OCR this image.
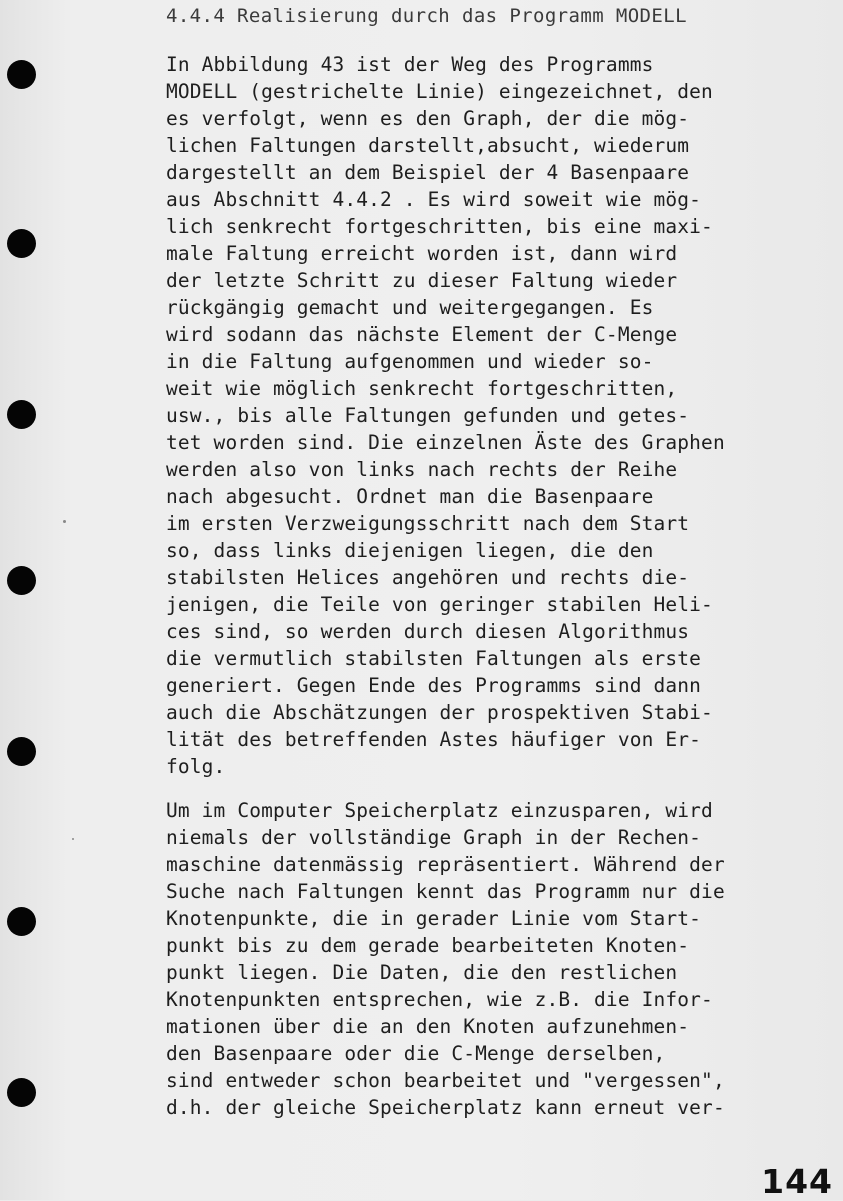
4.4.4 Realisierung durch das Programm MODELL
In Abbildung 43 ist der Weg des Programms
MODELL (gestrichelte Linie) eingezeichnet, den
es verfolgt, wenn es den Graph, der die mög-
lichen Faltungen darstellt,absucht, wiederum
dargestellt an dem Beispiel der 4 Basenpaare
aus Abschnitt 4.4.2 . Es wird soweit wie mög-
lich senkrecht fortgeschritten, bis eine maxi-
male Faltung erreicht worden ist, dann wird
der letzte Schritt zu dieser Faltung wieder
rückgängig gemacht und weitergegangen. Es
wird sodann das nächste Element der C-Menge
in die Faltung aufgenommen und wieder so-
weit wie möglich senkrecht fortgeschritten,
usw., bis alle Faltungen gefunden und getes-
tet worden sind. Die einzelnen Äste des Graphen
werden also von links nach rechts der Reihe
nach abgesucht. Ordnet man die Basenpaare
im ersten Verzweigungsschritt nach dem Start
so, dass links diejenigen liegen, die den
stabilsten Helices angehören und rechts die-
jenigen, die Teile von geringer stabilen Heli-
ces sind, so werden durch diesen Algorithmus
die vermutlich stabilsten Faltungen als erste
generiert. Gegen Ende des Programms sind dann
auch die Abschätzungen der prospektiven Stabi-
lität des betreffenden Astes häufiger von Er-
folg.
Um im Computer Speicherplatz einzusparen, wird
niemals der vollständige Graph in der Rechen-
maschine datenmässig repräsentiert. Während der
Suche nach Faltungen kennt das Programm nur die
Knotenpunkte, die in gerader Linie vom Start-
punkt bis zu dem gerade bearbeiteten Knoten-
punkt liegen. Die Daten, die den restlichen
Knotenpunkten entsprechen, wie z.B. die Infor-
mationen über die an den Knoten aufzunehmen-
den Basenpaare oder die C-Menge derselben,
sind entweder schon bearbeitet und "vergessen",
d.h. der gleiche Speicherplatz kann erneut ver-
144
